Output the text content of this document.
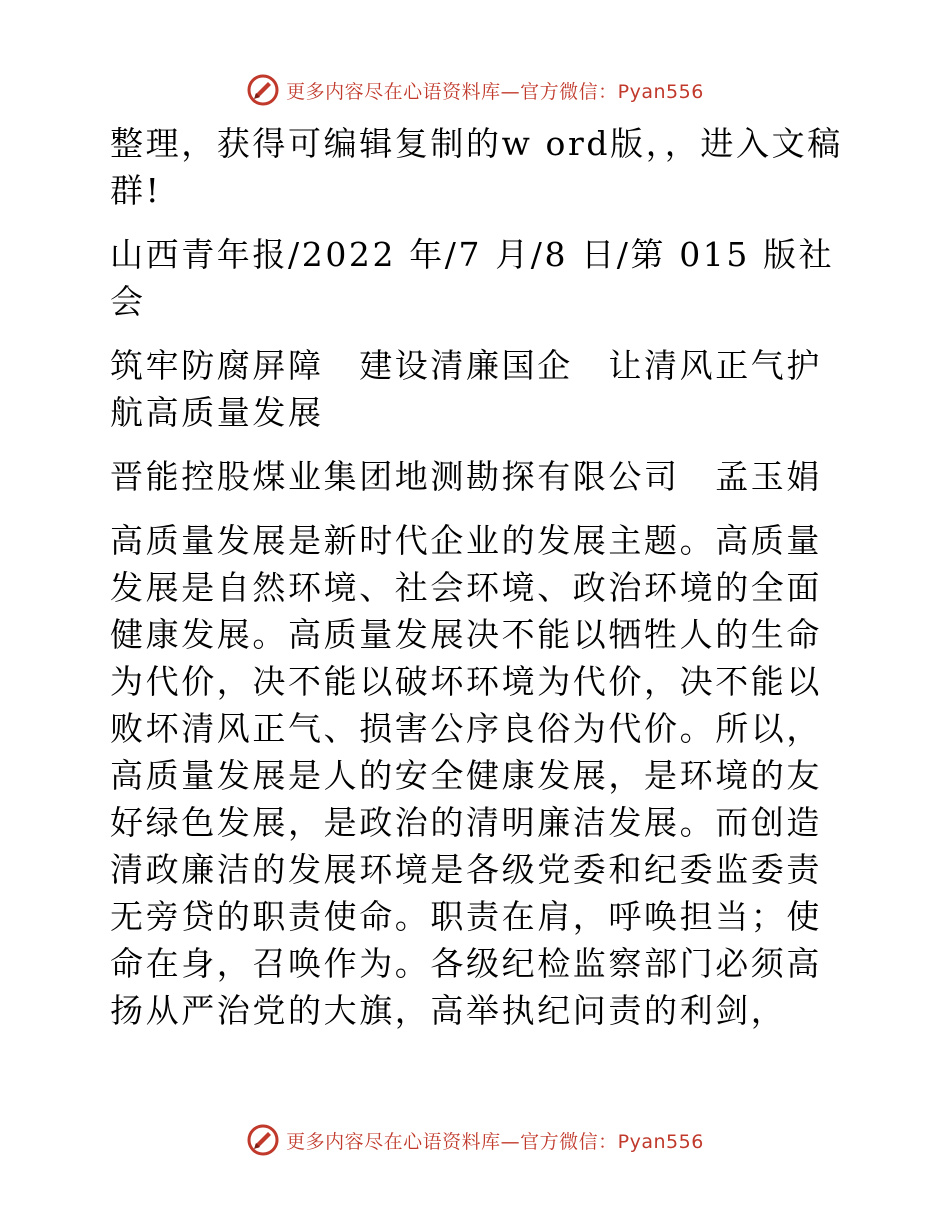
更多内容尽在心语资料库—官方微信：Pyan556

整理，获得可编辑复制的w ord版，，进入文稿群!

山西青年报/2022 年/7 月/8 日/第 015 版社会

筑牢防腐屏障　建设清廉国企　让清风正气护航高质量发展

晋能控股煤业集团地测勘探有限公司　孟玉娟

高质量发展是新时代企业的发展主题。高质量发展是自然环境、社会环境、政治环境的全面健康发展。高质量发展决不能以牺牲人的生命为代价，决不能以破坏环境为代价，决不能以败坏清风正气、损害公序良俗为代价。所以，高质量发展是人的安全健康发展，是环境的友好绿色发展，是政治的清明廉洁发展。而创造清政廉洁的发展环境是各级党委和纪委监委责无旁贷的职责使命。职责在肩，呼唤担当；使命在身，召唤作为。各级纪检监察部门必须高扬从严治党的大旗，高举执纪问责的利剑，

更多内容尽在心语资料库—官方微信：Pyan556
